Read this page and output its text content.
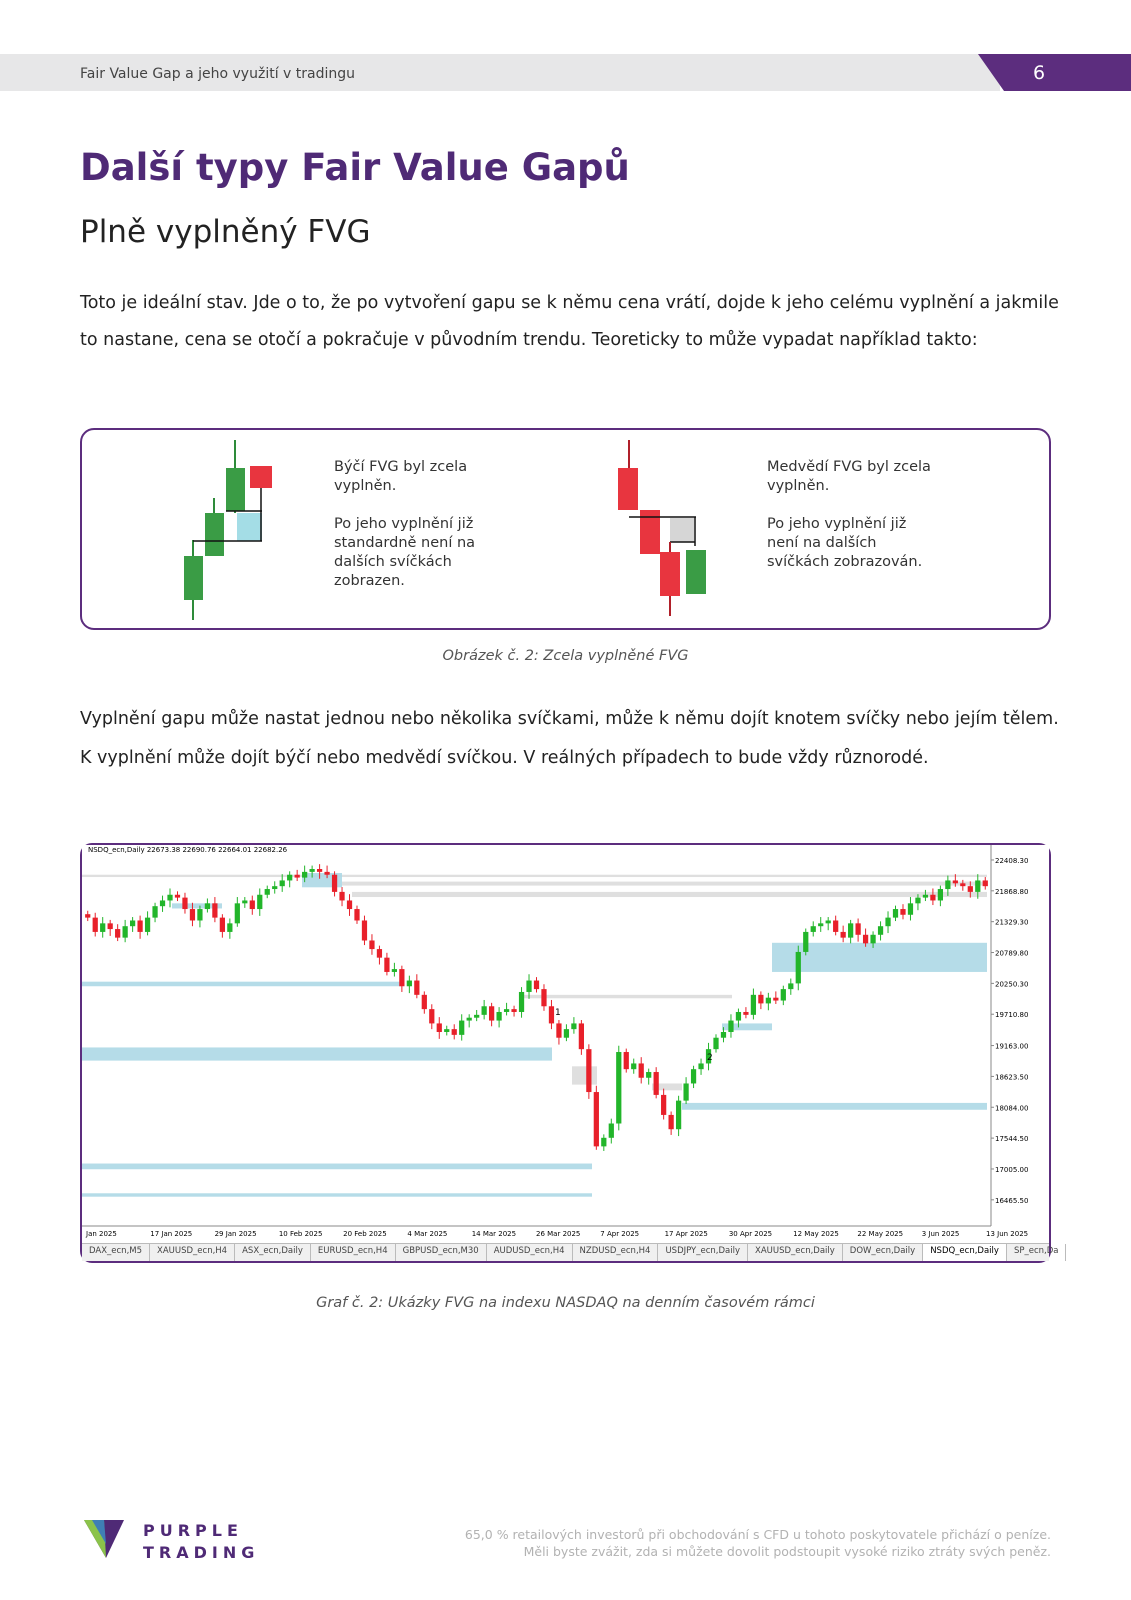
Fair Value Gap a jeho využití v tradingu	6
Další typy Fair Value Gapů
Plně vyplněný FVG

Toto je ideální stav. Jde o to, že po vytvoření gapu se k němu cena vrátí, dojde k jeho celému vyplnění a jakmile to nastane, cena se otočí a pokračuje v původním trendu. Teoreticky to může vypadat například takto:

Býčí FVG byl zcela vyplněn.

Po jeho vyplnění již standardně není na dalších svíčkách zobrazen.
Medvědí FVG byl zcela vyplněn.

Po jeho vyplnění již není na dalších svíčkách zobrazován.
Obrázek č. 2: Zcela vyplněné FVG

Vyplnění gapu může nastat jednou nebo několika svíčkami, může k němu dojít knotem svíčky nebo jejím tělem. K vyplnění může dojít býčí nebo medvědí svíčkou. V reálných případech to bude vždy různorodé.

22408.30
21868.80
21329.30
20789.80
20250.30
19710.80
19163.00
18623.50
18084.00
17544.50
17005.00
16465.50
Jan 2025	17 Jan 2025	29 Jan 2025	10 Feb 2025	20 Feb 2025	4 Mar 2025	14 Mar 2025	26 Mar 2025	7 Apr 2025	17 Apr 2025	30 Apr 2025	12 May 2025	22 May 2025	3 Jun 2025	13 Jun 2025
NSDQ_ecn,Daily 22673.38 22690.76 22664.01 22682.26
1
2
DAX_ecn,M5	XAUUSD_ecn,H4	ASX_ecn,Daily	EURUSD_ecn,H4	GBPUSD_ecn,M30	AUDUSD_ecn,H4	NZDUSD_ecn,H4	USDJPY_ecn,Daily	XAUUSD_ecn,Daily	DOW_ecn,Daily	NSDQ_ecn,Daily	SP_ecn,Da
Graf č. 2: Ukázky FVG na indexu NASDAQ na denním časovém rámci
PURPLE
TRADING
65,0 % retailových investorů při obchodování s CFD u tohoto poskytovatele přichází o peníze.
Měli byste zvážit, zda si můžete dovolit podstoupit vysoké riziko ztráty svých peněz.
